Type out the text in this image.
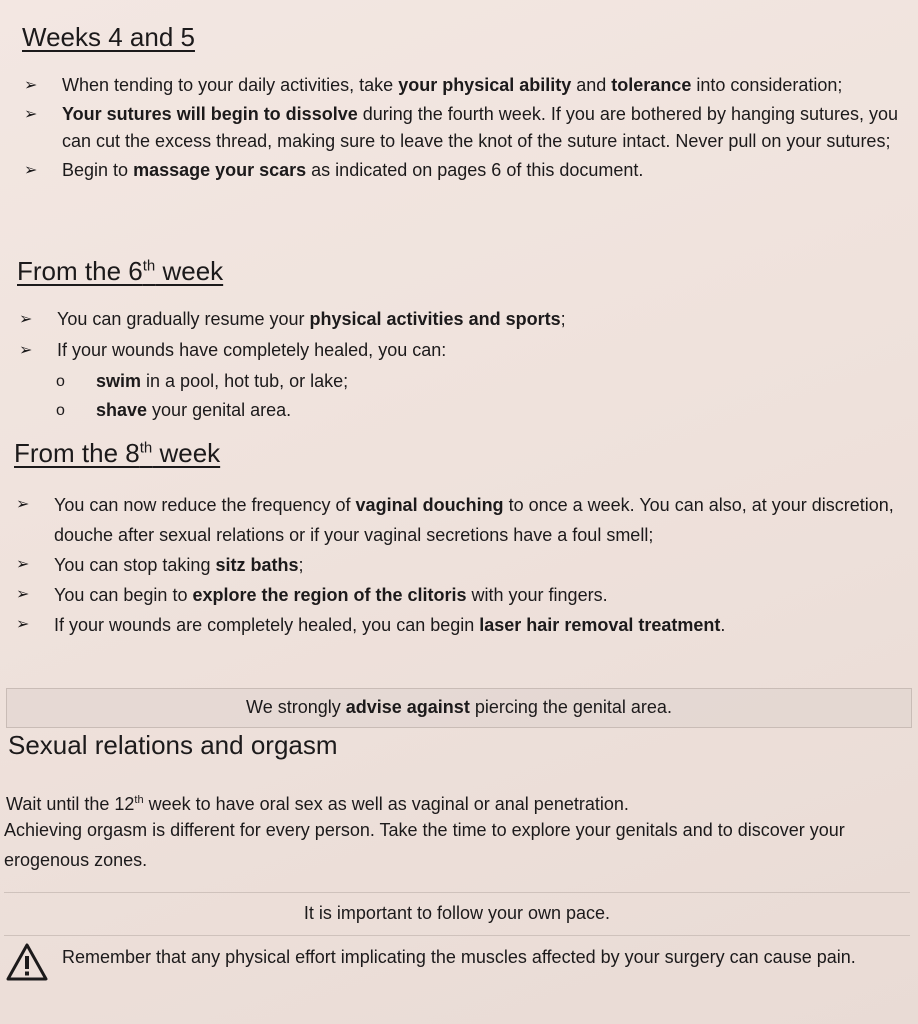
Weeks 4 and 5
➢ When tending to your daily activities, take your physical ability and tolerance into consideration;
➢ Your sutures will begin to dissolve during the fourth week. If you are bothered by hanging sutures, you can cut the excess thread, making sure to leave the knot of the suture intact. Never pull on your sutures;
➢ Begin to massage your scars as indicated on pages 6 of this document.
From the 6th week
➢ You can gradually resume your physical activities and sports;
➢ If your wounds have completely healed, you can:
o swim in a pool, hot tub, or lake;
o shave your genital area.
From the 8th week
➢ You can now reduce the frequency of vaginal douching to once a week. You can also, at your discretion, douche after sexual relations or if your vaginal secretions have a foul smell;
➢ You can stop taking sitz baths;
➢ You can begin to explore the region of the clitoris with your fingers.
➢ If your wounds are completely healed, you can begin laser hair removal treatment.
We strongly advise against piercing the genital area.
Sexual relations and orgasm

Wait until the 12th week to have oral sex as well as vaginal or anal penetration.

Achieving orgasm is different for every person. Take the time to explore your genitals and to discover your erogenous zones.

It is important to follow your own pace.

Remember that any physical effort implicating the muscles affected by your surgery can cause pain.
